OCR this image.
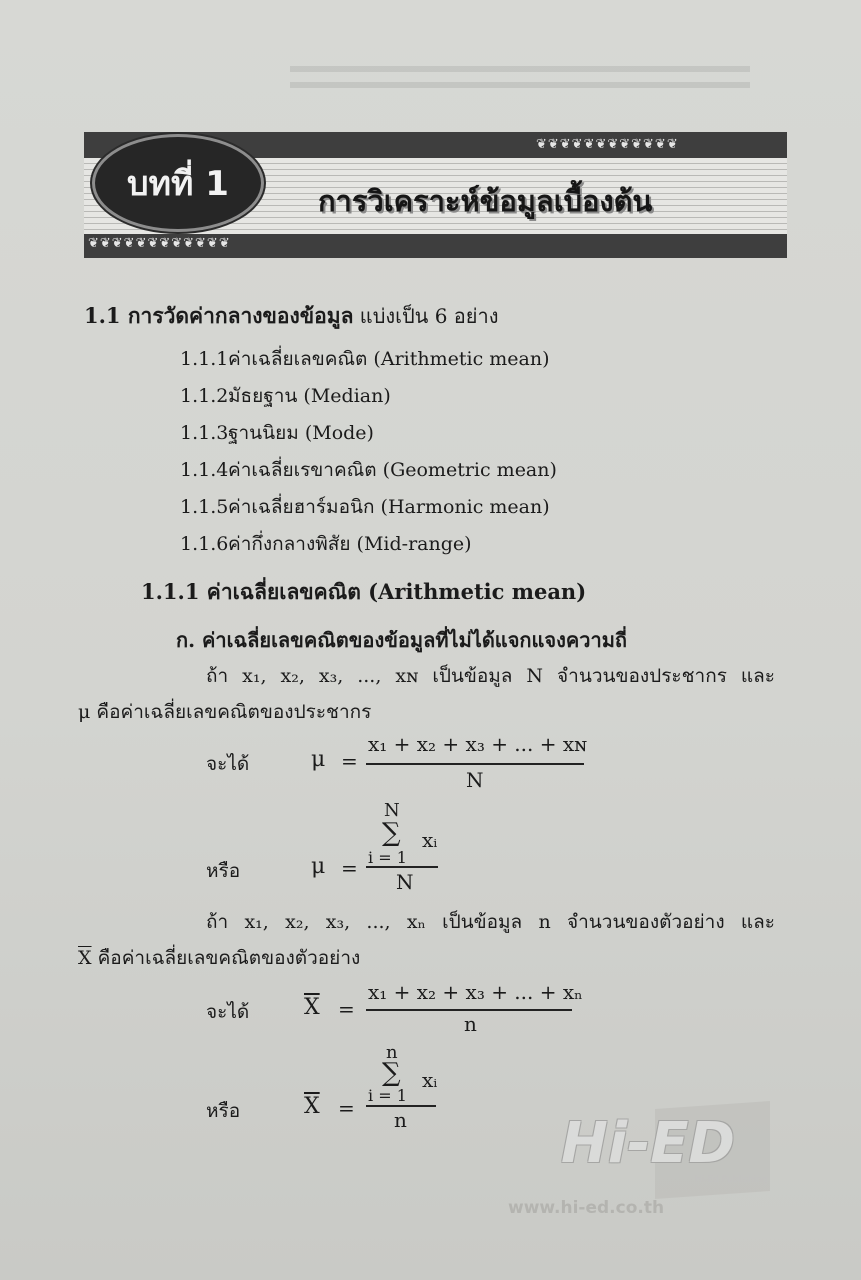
❦❦❦❦❦❦❦❦❦❦❦❦
❦❦❦❦❦❦❦❦❦❦❦❦
บทที่ 1	การวิเคราะห์ข้อมูลเบื้องต้น
1.1 การวัดค่ากลางของข้อมูล แบ่งเป็น 6 อย่าง
1.1.1ค่าเฉลี่ยเลขคณิต (Arithmetic mean)
1.1.2มัธยฐาน (Median)
1.1.3ฐานนิยม (Mode)
1.1.4ค่าเฉลี่ยเรขาคณิต (Geometric mean)
1.1.5ค่าเฉลี่ยฮาร์มอนิก (Harmonic mean)
1.1.6ค่ากึ่งกลางพิสัย (Mid-range)
1.1.1 ค่าเฉลี่ยเลขคณิต (Arithmetic mean)
ก. ค่าเฉลี่ยเลขคณิตของข้อมูลที่ไม่ได้แจกแจงความถี่
ถ้า x₁, x₂, x₃, ..., xɴ เป็นข้อมูล N จำนวนของประชากร และ
μ คือค่าเฉลี่ยเลขคณิตของประชากร
จะได้	μ =
x₁ + x₂ + x₃ + ... + xɴ
N
N
∑ xᵢ
i = 1
หรือ	μ =
N
ถ้า x₁, x₂, x₃, ..., xₙ เป็นข้อมูล n จำนวนของตัวอย่าง และ
$\overline{X}$ คือค่าเฉลี่ยเลขคณิตของตัวอย่าง
จะได้ $\overline{X}$ =
x₁ + x₂ + x₃ + ... + xₙ
n
n
∑ xᵢ
i = 1
หรือ	$\overline{X} = n$	Hi-ED
Hi-Ed Publishing
www.hi-ed.co.th
